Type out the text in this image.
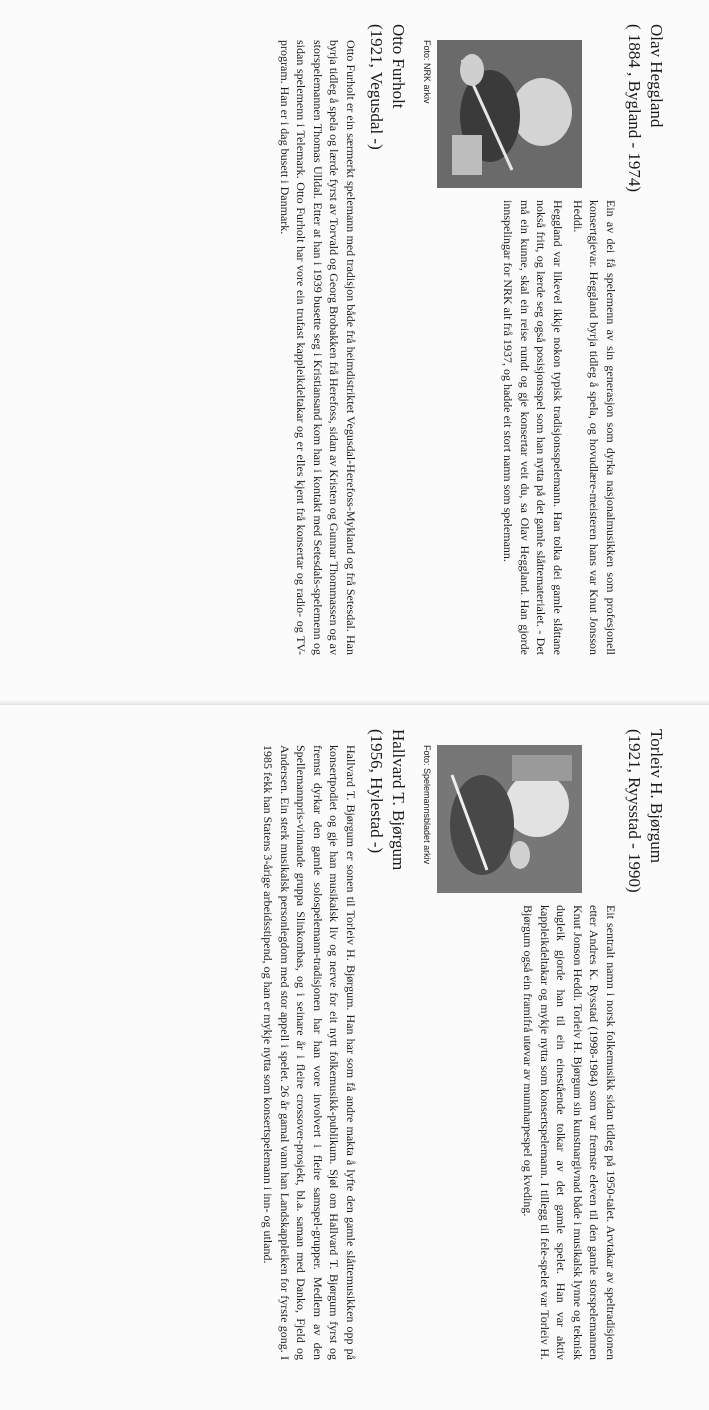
Olav Heggland
( 1884 , Bygland - 1974)
Foto: NRK arkiv

Ein av dei få spelemenn av sin generasjon som dyrka nasjonalmusikken som profesjonell konsertgjevar. Heggland byrja tidleg å spela, og hovudlære-meisteren hans var Knut Jonsson Heddi.

Heggland var likevel ikkje nokon typisk tradisjonsspelemann. Han tolka dei gamle slåttane nokså fritt, og lærde seg også posisjonsspel som han nytta på det gamle slåttematerialet. - Det må ein kunne, skal ein reise rundt og gje konsertar veit du, sa Olav Heggland. Han gjorde innspelingar for NRK alt frå 1937, og hadde eit stort namn som spelemann.

Otto Furholt
(1921, Vegusdal -)

Otto Furholt er ein særmerkt spelemann med tradisjon både frå heimdistriktet Vegusdal-Herefoss-Mykland og frå Setesdal. Han byrja tidleg å spela og lærde fyrst av Torvald og Georg Brobakken frå Herefoss, sidan av Kristen og Gunnar Thommassen og av storspelemannen Thomas Ulldal. Etter at han i 1939 busette seg i Kristiansand kom han i kontakt med Setesdals-spelemenn og sidan spelemenn i Telemark. Otto Furholt har vore ein trufast kappleikdeltakar og er elles kjent frå konsertar og radio- og TV-program. Han er i dag busett i Danmark.

Torleiv H. Bjørgum
(1921, Ryysstad - 1990)
Foto: Spelemannsbladet arkiv

Eit sentralt namn i norsk folkemusikk sidan tidleg på 1950-talet. Arvtakar av speltradisjonen etter Andres K. Rysstad (1998-1984) som var fremste eleven til den gamle storspelemannen Knut Jonson Heddi. Torleiv H. Bjørgum sin kunstnargivnad både i musikalsk lynne og teknisk dugleik gjorde han til ein einestående tolkar av det gamle spelet. Han var aktiv kappleikdeltakar og mykje nytta som konsertspelemann. I tillegg til fele-spelet var Torleiv H. Bjørgum også ein framifrå utøvar av munnharpespel og kveding.

Hallvard T. Bjørgum
(1956, Hylestad -)

Hallvard T. Bjørgum er sonen til Torleiv H. Bjørgum. Han har som få andre makta å lyfte den gamle slåttemusikken opp på konsertpodiet og gje han musikalsk liv og nerve for eit nytt folkemusikk-publikum. Sjøl om Hallvard T. Bjørgum fyrst og fremst dyrkar den gamle solospelemann-tradisjonen har han vore involvert i fleire samspel-grupper. Medlem av den Spellemannpris-vinnande gruppa Slinkombas, og i seinare år i fleire crossover-prosjekt, bl.a. saman med Danko, Fjeld og Andersen. Ein sterk musikalsk personlegdom med stor appell i spelet. 26 år gamal vann han Landskappleiken for fyrste gong. I 1985 fekk han Statens 3-årige arbeidsstipend, og han er mykje nytta som konsertspelemann i inn- og utland.
